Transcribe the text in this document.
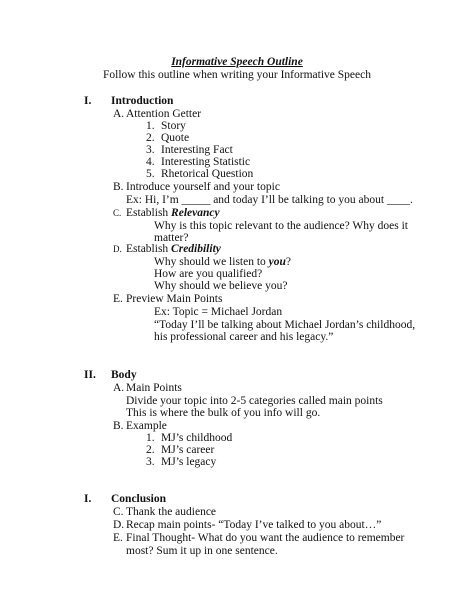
Informative Speech Outline
Follow this outline when writing your Informative Speech
I. Introduction
A. Attention Getter
1. Story
2. Quote
3. Interesting Fact
4. Interesting Statistic
5. Rhetorical Question
B. Introduce yourself and your topic
Ex: Hi, I’m _____ and today I’ll be talking to you about ____.
C. Establish Relevancy
Why is this topic relevant to the audience? Why does it
matter?
D. Establish Credibility
Why should we listen to you?
How are you qualified?
Why should we believe you?
E. Preview Main Points
Ex: Topic = Michael Jordan
“Today I’ll be talking about Michael Jordan’s childhood,
his professional career and his legacy.”
II. Body
A. Main Points
Divide your topic into 2-5 categories called main points
This is where the bulk of you info will go.
B. Example
1. MJ’s childhood
2. MJ’s career
3. MJ’s legacy
I. Conclusion
C. Thank the audience
D. Recap main points- “Today I’ve talked to you about…”
E. Final Thought- What do you want the audience to remember
most? Sum it up in one sentence.
